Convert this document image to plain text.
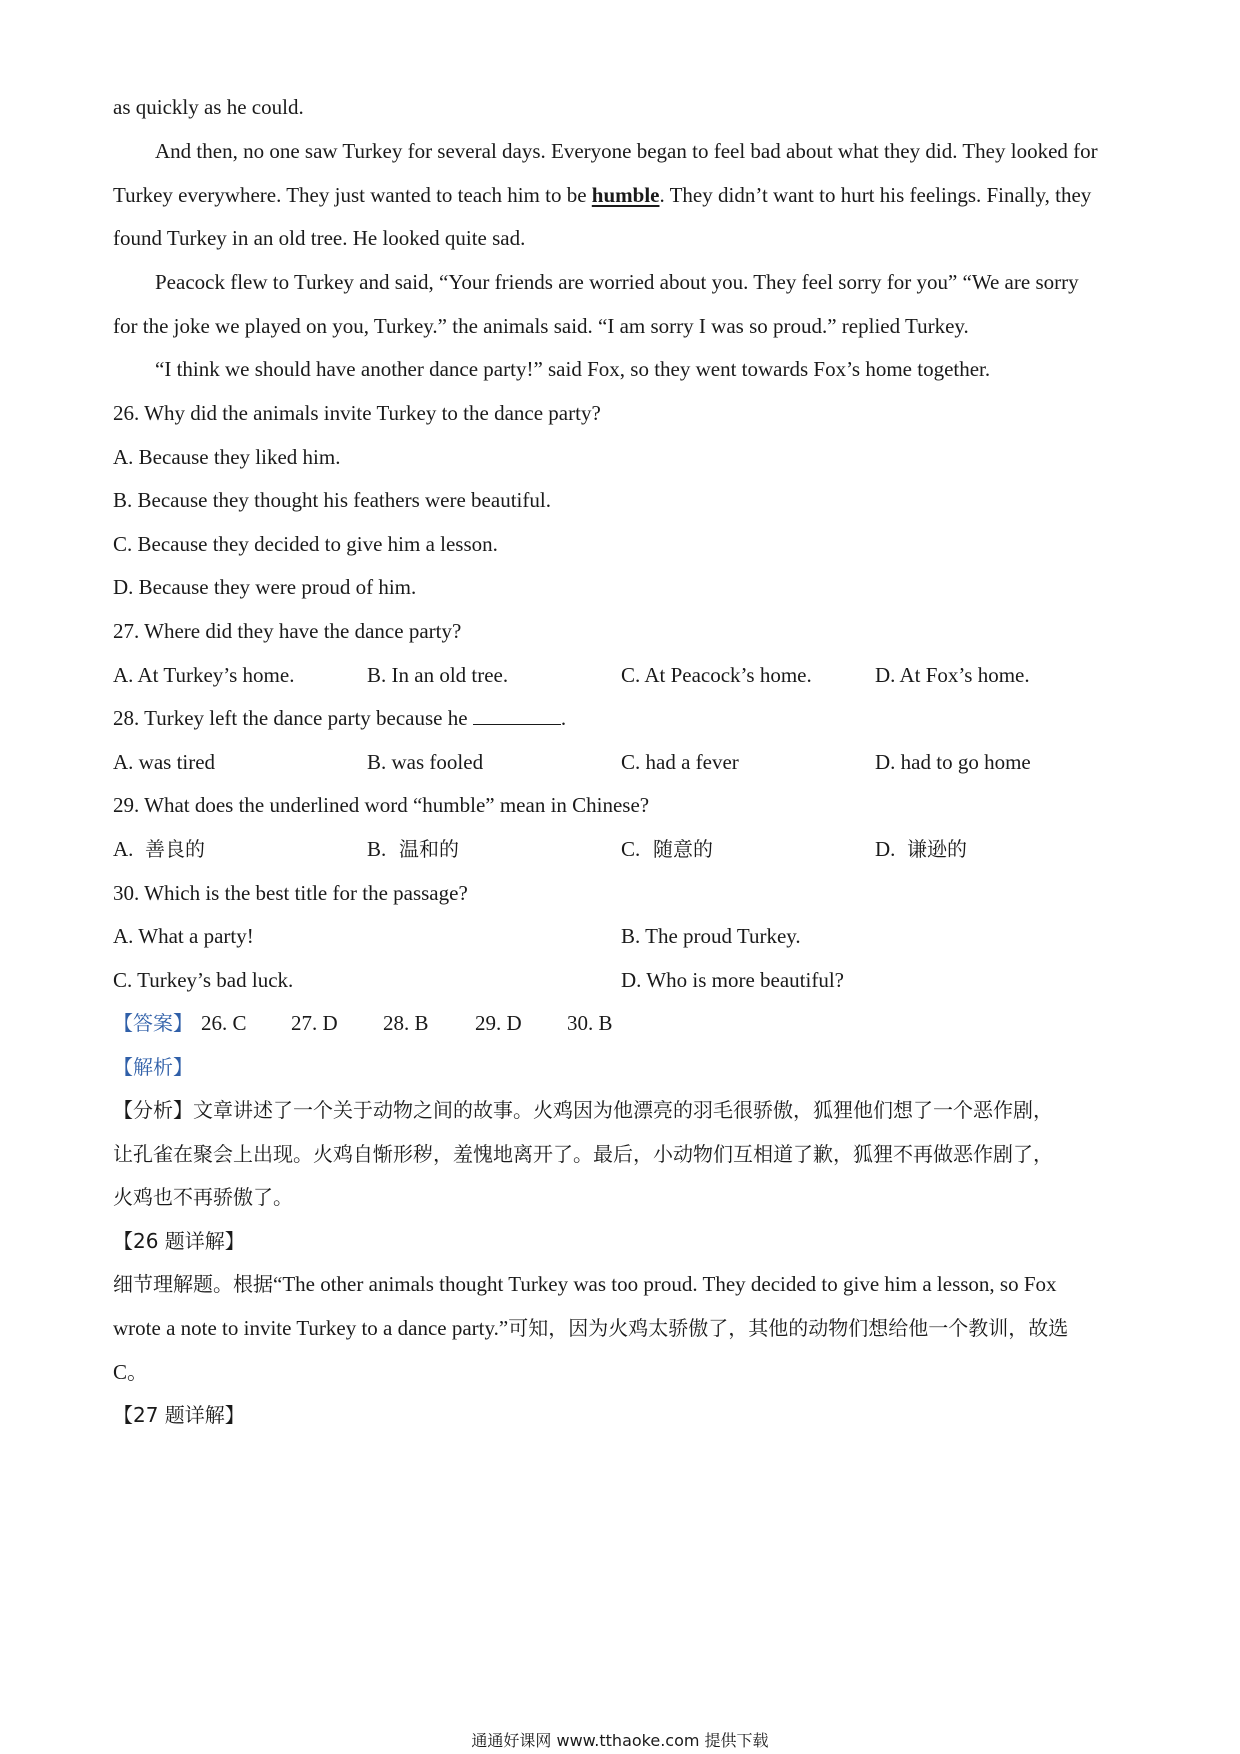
as quickly as he could.
And then, no one saw Turkey for several days. Everyone began to feel bad about what they did. They looked for
Turkey everywhere. They just wanted to teach him to be humble. They didn’t want to hurt his feelings. Finally, they
found Turkey in an old tree. He looked quite sad.
Peacock flew to Turkey and said, “Your friends are worried about you. They feel sorry for you” “We are sorry
for the joke we played on you, Turkey.” the animals said. “I am sorry I was so proud.” replied Turkey.
“I think we should have another dance party!” said Fox, so they went towards Fox’s home together.
26. Why did the animals invite Turkey to the dance party?
A. Because they liked him.
B. Because they thought his feathers were beautiful.
C. Because they decided to give him a lesson.
D. Because they were proud of him.
27. Where did they have the dance party?
A. At Turkey’s home.	B. In an old tree.	C. At Peacock’s home.	D. At Fox’s home.
28. Turkey left the dance party because he	.
A. was tired	B. was fooled	C. had a fever	D. had to go home
29. What does the underlined word “humble” mean in Chinese?
A. 善良的	B. 温和的	C. 随意的	D. 谦逊的
30. Which is the best title for the passage?
A. What a party!	B. The proud Turkey.
C. Turkey’s bad luck.	D. Who is more beautiful?
【答案】 26. C 27. D 28. B 29. D 30. B
【解析】
【分析】文章讲述了一个关于动物之间的故事。火鸡因为他漂亮的羽毛很骄傲，狐狸他们想了一个恶作剧，
让孔雀在聚会上出现。火鸡自惭形秽，羞愧地离开了。最后，小动物们互相道了歉，狐狸不再做恶作剧了，
火鸡也不再骄傲了。
【26 题详解】
细节理解题。根据“The other animals thought Turkey was too proud. They decided to give him a lesson, so Fox
wrote a note to invite Turkey to a dance party.”可知，因为火鸡太骄傲了，其他的动物们想给他一个教训，故选
C。
【27 题详解】
通通好课网 www.tthaoke.com 提供下载
